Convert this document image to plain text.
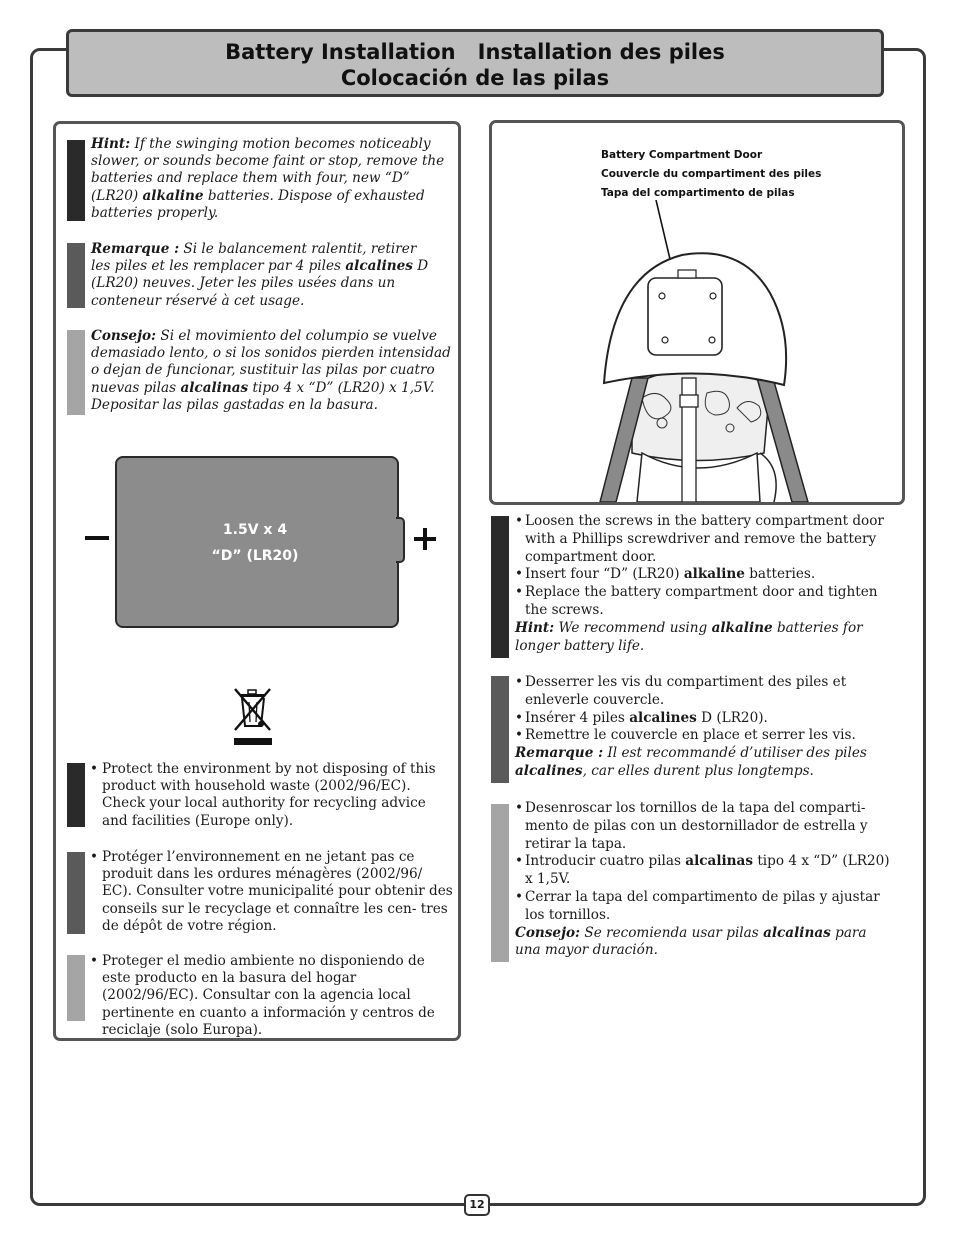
Battery Installation Installation des piles
Colocación de las pilas
Hint: If the swinging motion becomes noticeably slower, or sounds become faint or stop, remove the batteries and replace them with four, new “D” (LR20) alkaline batteries. Dispose of exhausted batteries properly.
Remarque : Si le balancement ralentit, retirer les piles et les remplacer par 4 piles alcalines D (LR20) neuves. Jeter les piles usées dans un conteneur réservé à cet usage.
Consejo: Si el movimiento del columpio se vuelve demasiado lento, o si los sonidos pierden intensidad o dejan de funcionar, sustituir las pilas por cuatro nuevas pilas alcalinas tipo 4 x “D” (LR20) x 1,5V. Depositar las pilas gastadas en la basura.
1.5V x 4
“D” (LR20)
• Protect the environment by not disposing of this product with household waste (2002/96/EC). Check your local authority for recycling advice and facilities (Europe only).
• Protéger l’environnement en ne jetant pas ce produit dans les ordures ménagères (2002/96/ EC). Consulter votre municipalité pour obtenir des conseils sur le recyclage et connaître les cen- tres de dépôt de votre région.
• Proteger el medio ambiente no disponiendo de este producto en la basura del hogar (2002/96/EC). Consultar con la agencia local pertinente en cuanto a información y centros de reciclaje (solo Europa).
Battery Compartment Door
Couvercle du compartiment des piles
Tapa del compartimento de pilas
• Loosen the screws in the battery compartment door with a Phillips screwdriver and remove the battery compartment door.
• Insert four “D” (LR20) alkaline batteries.
• Replace the battery compartment door and tighten the screws.
Hint: We recommend using alkaline batteries for longer battery life.
• Desserrer les vis du compartiment des piles et enleverle couvercle.
• Insérer 4 piles alcalines D (LR20).
• Remettre le couvercle en place et serrer les vis.
Remarque : Il est recommandé d’utiliser des piles alcalines, car elles durent plus longtemps.
• Desenroscar los tornillos de la tapa del comparti- mento de pilas con un destornillador de estrella y retirar la tapa.
• Introducir cuatro pilas alcalinas tipo 4 x “D” (LR20) x 1,5V.
• Cerrar la tapa del compartimento de pilas y ajustar los tornillos.
Consejo: Se recomienda usar pilas alcalinas para una mayor duración.
12
